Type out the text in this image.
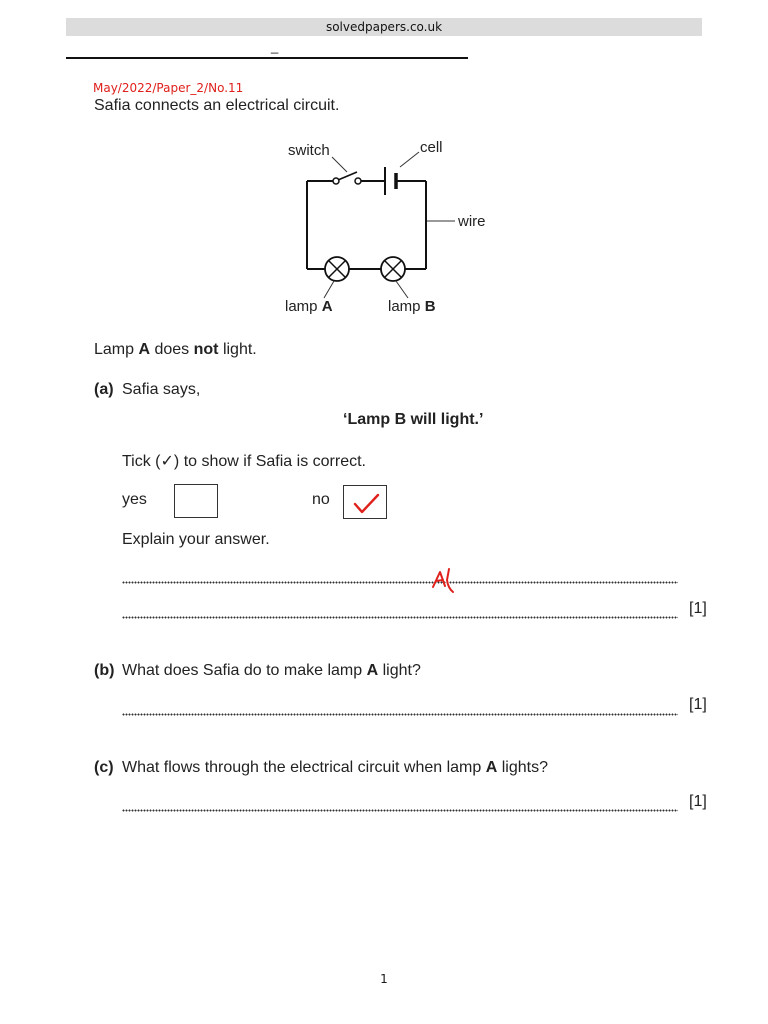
solvedpapers.co.uk
_
May/2022/Paper_2/No.11
Safia connects an electrical circuit.
switch	cell
wire
lamp A	lamp B
Lamp A does not light.
(a) Safia says,
‘Lamp B will light.’
Tick (✓) to show if Safia is correct.
yes	no
Explain your answer.
[1]
(b) What does Safia do to make lamp A light?
[1]
(c) What flows through the electrical circuit when lamp A lights?
[1]
1
